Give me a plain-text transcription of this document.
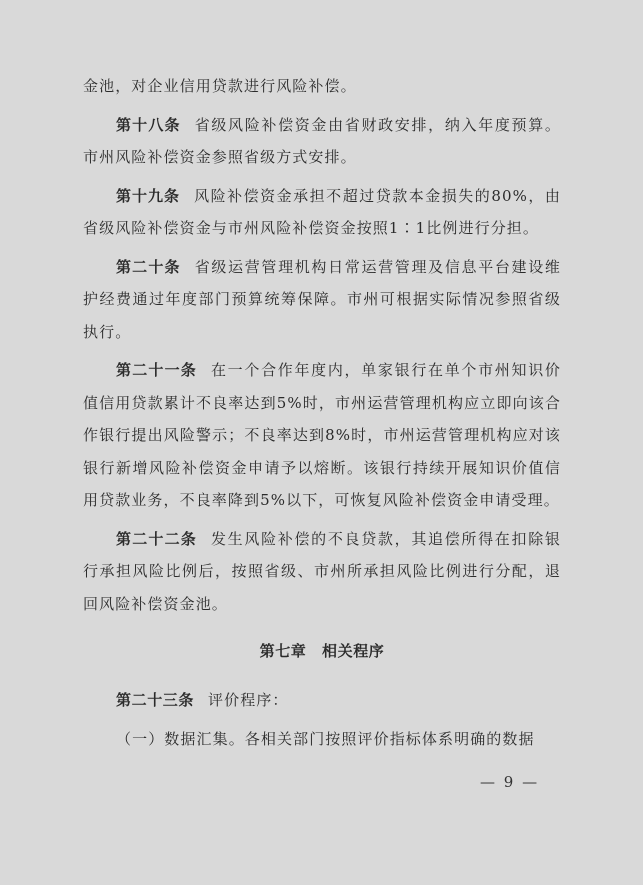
金池，对企业信用贷款进行风险补偿。

第十八条 省级风险补偿资金由省财政安排，纳入年度预算。市州风险补偿资金参照省级方式安排。

第十九条 风险补偿资金承担不超过贷款本金损失的80%，由省级风险补偿资金与市州风险补偿资金按照1∶1比例进行分担。

第二十条 省级运营管理机构日常运营管理及信息平台建设维护经费通过年度部门预算统筹保障。市州可根据实际情况参照省级执行。

第二十一条 在一个合作年度内，单家银行在单个市州知识价值信用贷款累计不良率达到5%时，市州运营管理机构应立即向该合作银行提出风险警示；不良率达到8%时，市州运营管理机构应对该银行新增风险补偿资金申请予以熔断。该银行持续开展知识价值信用贷款业务，不良率降到5%以下，可恢复风险补偿资金申请受理。

第二十二条 发生风险补偿的不良贷款，其追偿所得在扣除银行承担风险比例后，按照省级、市州所承担风险比例进行分配，退回风险补偿资金池。

第七章　相关程序

第二十三条 评价程序：

（一）数据汇集。各相关部门按照评价指标体系明确的数据

— 9 —
